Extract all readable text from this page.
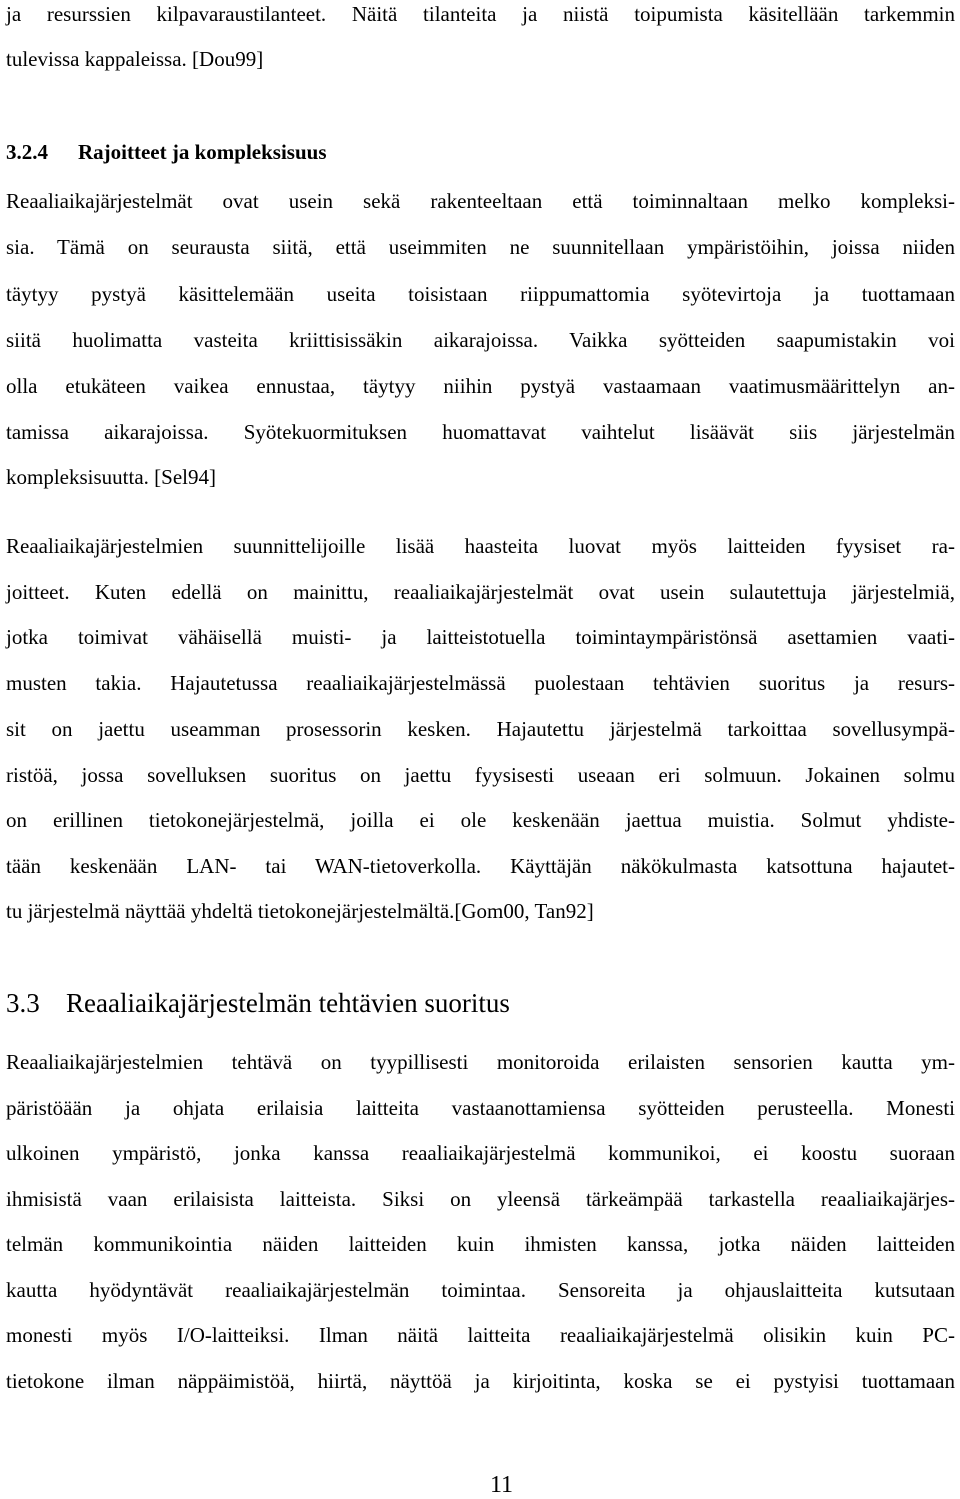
ja resurssien kilpavaraustilanteet. Näitä tilanteita ja niistä toipumista käsitellään tarkemmin
tulevissa kappaleissa. [Dou99]
3.2.4 Rajoitteet ja kompleksisuus
Reaaliaikajärjestelmät ovat usein sekä rakenteeltaan että toiminnaltaan melko kompleksi-
sia. Tämä on seurausta siitä, että useimmiten ne suunnitellaan ympäristöihin, joissa niiden
täytyy pystyä käsittelemään useita toisistaan riippumattomia syötevirtoja ja tuottamaan
siitä huolimatta vasteita kriittisissäkin aikarajoissa. Vaikka syötteiden saapumistakin voi
olla etukäteen vaikea ennustaa, täytyy niihin pystyä vastaamaan vaatimusmäärittelyn an-
tamissa aikarajoissa. Syötekuormituksen huomattavat vaihtelut lisäävät siis järjestelmän
kompleksisuutta. [Sel94]
Reaaliaikajärjestelmien suunnittelijoille lisää haasteita luovat myös laitteiden fyysiset ra-
joitteet. Kuten edellä on mainittu, reaaliaikajärjestelmät ovat usein sulautettuja järjestelmiä,
jotka toimivat vähäisellä muisti- ja laitteistotuella toimintaympäristönsä asettamien vaati-
musten takia. Hajautetussa reaaliaikajärjestelmässä puolestaan tehtävien suoritus ja resurs-
sit on jaettu useamman prosessorin kesken. Hajautettu järjestelmä tarkoittaa sovellusympä-
ristöä, jossa sovelluksen suoritus on jaettu fyysisesti useaan eri solmuun. Jokainen solmu
on erillinen tietokonejärjestelmä, joilla ei ole keskenään jaettua muistia. Solmut yhdiste-
tään keskenään LAN- tai WAN-tietoverkolla. Käyttäjän näkökulmasta katsottuna hajautet-
tu järjestelmä näyttää yhdeltä tietokonejärjestelmältä.[Gom00, Tan92]
3.3 Reaaliaikajärjestelmän tehtävien suoritus
Reaaliaikajärjestelmien tehtävä on tyypillisesti monitoroida erilaisten sensorien kautta ym-
päristöään ja ohjata erilaisia laitteita vastaanottamiensa syötteiden perusteella. Monesti
ulkoinen ympäristö, jonka kanssa reaaliaikajärjestelmä kommunikoi, ei koostu suoraan
ihmisistä vaan erilaisista laitteista. Siksi on yleensä tärkeämpää tarkastella reaaliaikajärjes-
telmän kommunikointia näiden laitteiden kuin ihmisten kanssa, jotka näiden laitteiden
kautta hyödyntävät reaaliaikajärjestelmän toimintaa. Sensoreita ja ohjauslaitteita kutsutaan
monesti myös I/O-laitteiksi. Ilman näitä laitteita reaaliaikajärjestelmä olisikin kuin PC-
tietokone ilman näppäimistöä, hiirtä, näyttöä ja kirjoitinta, koska se ei pystyisi tuottamaan
11
